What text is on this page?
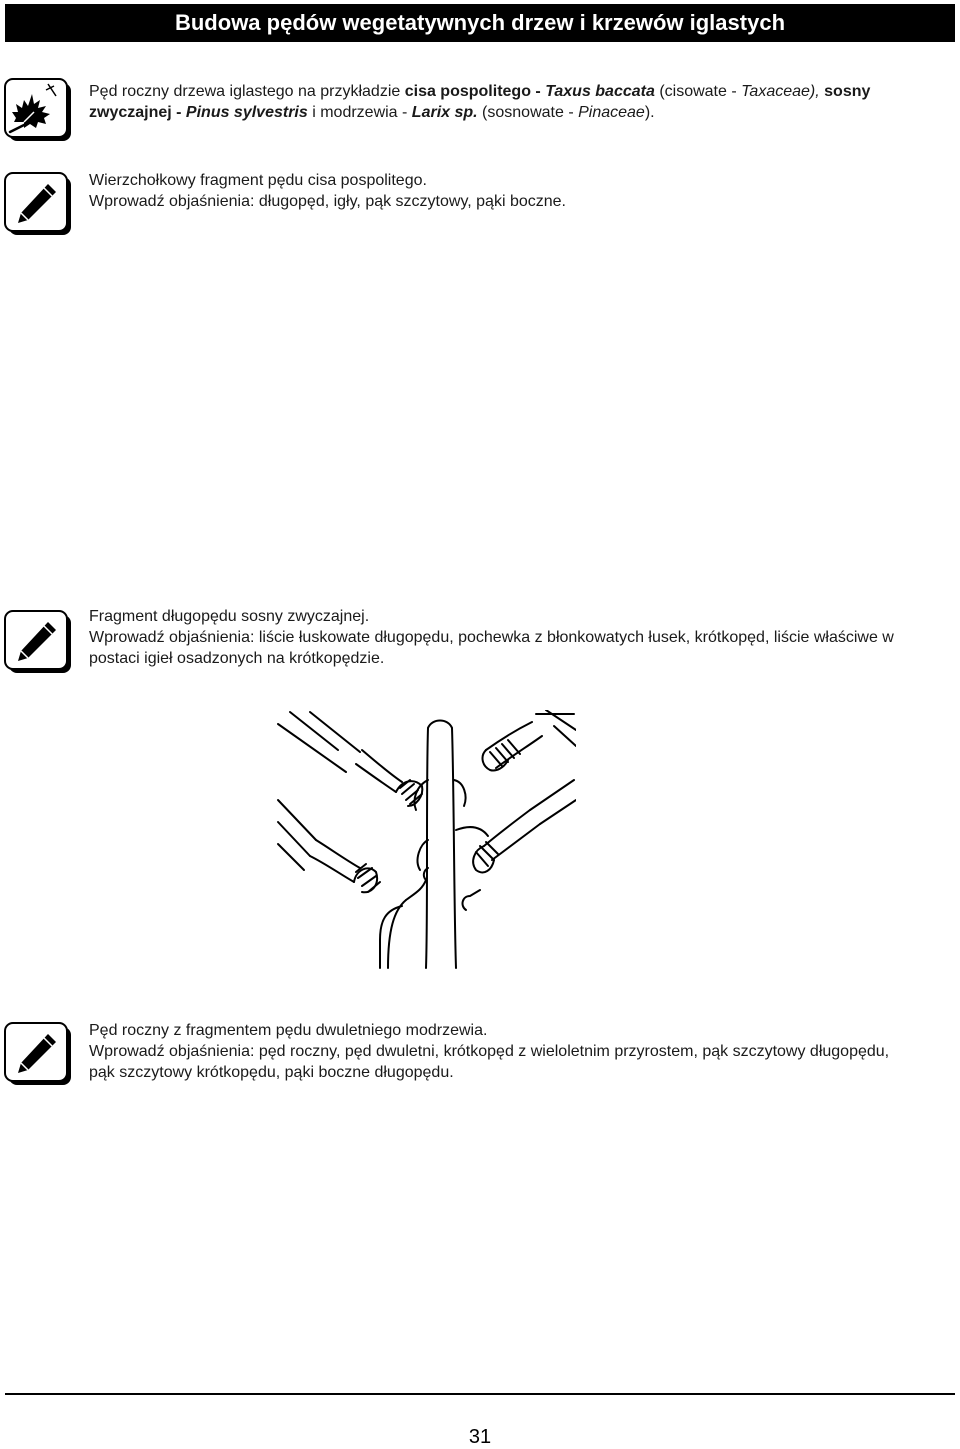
Budowa pędów wegetatywnych drzew i krzewów iglastych
Pęd roczny drzewa iglastego na przykładzie cisa pospolitego - Taxus baccata (cisowate - Taxaceae), sosny zwyczajnej - Pinus sylvestris i modrzewia - Larix sp. (sosnowate - Pinaceae).
Wierzchołkowy fragment pędu cisa pospolitego.
Wprowadź objaśnienia: długopęd, igły, pąk szczytowy, pąki boczne.
Fragment długopędu sosny zwyczajnej.
Wprowadź objaśnienia: liście łuskowate długopędu, pochewka z błonkowatych łusek, krótkopęd, liście właściwe w postaci igieł osadzonych na krótkopędzie.
Pęd roczny z fragmentem pędu dwuletniego modrzewia.
Wprowadź objaśnienia: pęd roczny, pęd dwuletni, krótkopęd z wieloletnim przyrostem, pąk szczytowy długopędu, pąk szczytowy krótkopędu, pąki boczne długopędu.
31
